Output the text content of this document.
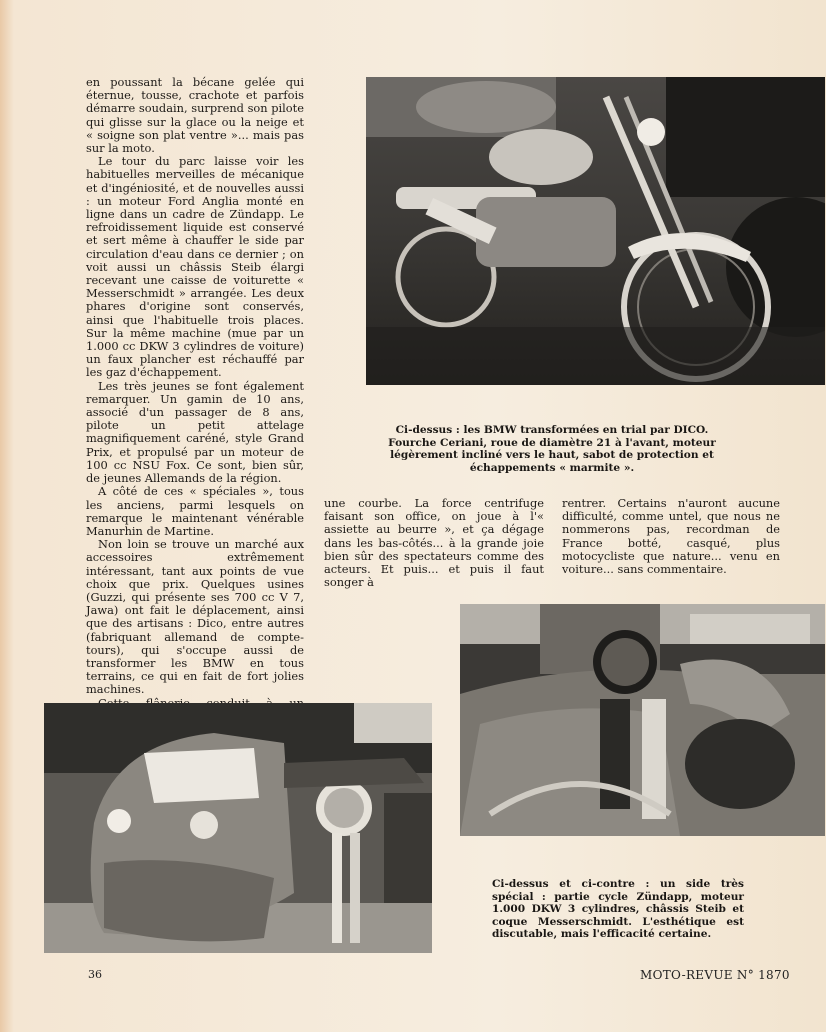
en poussant la bécane gelée qui éternue, tousse, crachote et parfois démarre soudain, surprend son pilote qui glisse sur la glace ou la neige et « soigne son plat ventre »... mais pas sur la moto.

Le tour du parc laisse voir les habituelles merveilles de mécanique et d'ingéniosité, et de nouvelles aussi : un moteur Ford Anglia monté en ligne dans un cadre de Zündapp. Le refroidissement liquide est conservé et sert même à chauffer le side par circulation d'eau dans ce dernier ; on voit aussi un châssis Steib élargi recevant une caisse de voiturette « Messerschmidt » arrangée. Les deux phares d'origine sont conservés, ainsi que l'habituelle trois places. Sur la même machine (mue par un 1.000 cc DKW 3 cylindres de voiture) un faux plancher est réchauffé par les gaz d'échappement.

Les très jeunes se font également remarquer. Un gamin de 10 ans, associé d'un passager de 8 ans, pilote un petit attelage magnifiquement caréné, style Grand Prix, et propulsé par un moteur de 100 cc NSU Fox. Ce sont, bien sûr, de jeunes Allemands de la région.

A côté de ces « spéciales », tous les anciens, parmi lesquels on remarque le maintenant vénérable Manurhin de Martine.

Non loin se trouve un marché aux accessoires extrêmement intéressant, tant aux points de vue choix que prix. Quelques usines (Guzzi, qui présente ses 700 cc V 7, Jawa) ont fait le déplacement, ainsi que des artisans : Dico, entre autres (fabriquant allemand de compte-tours), qui s'occupe aussi de transformer les BMW en tous terrains, ce qui en fait de fort jolies machines.

Ci-dessus : les BMW transformées en trial par DICO. Fourche Ceriani, roue de diamètre 21 à l'avant, moteur légèrement incliné vers le haut, sabot de protection et échappements « marmite ».

une courbe. La force centrifuge faisant son office, on joue à l'« assiette au beurre », et ça dégage dans les bas-côtés... à la grande joie bien sûr des spectateurs comme des acteurs. Et puis... et puis il faut songer à

rentrer. Certains n'auront aucune difficulté, comme untel, que nous ne nommerons pas, recordman de France botté, casqué, plus motocycliste que nature... venu en voiture... sans commentaire.

Ci-dessus et ci-contre : un side très spécial : partie cycle Zündapp, moteur 1.000 DKW 3 cylindres, châssis Steib et coque Messerschmidt. L'esthétique est discutable, mais l'efficacité certaine.
36	MOTO-REVUE N° 1870
